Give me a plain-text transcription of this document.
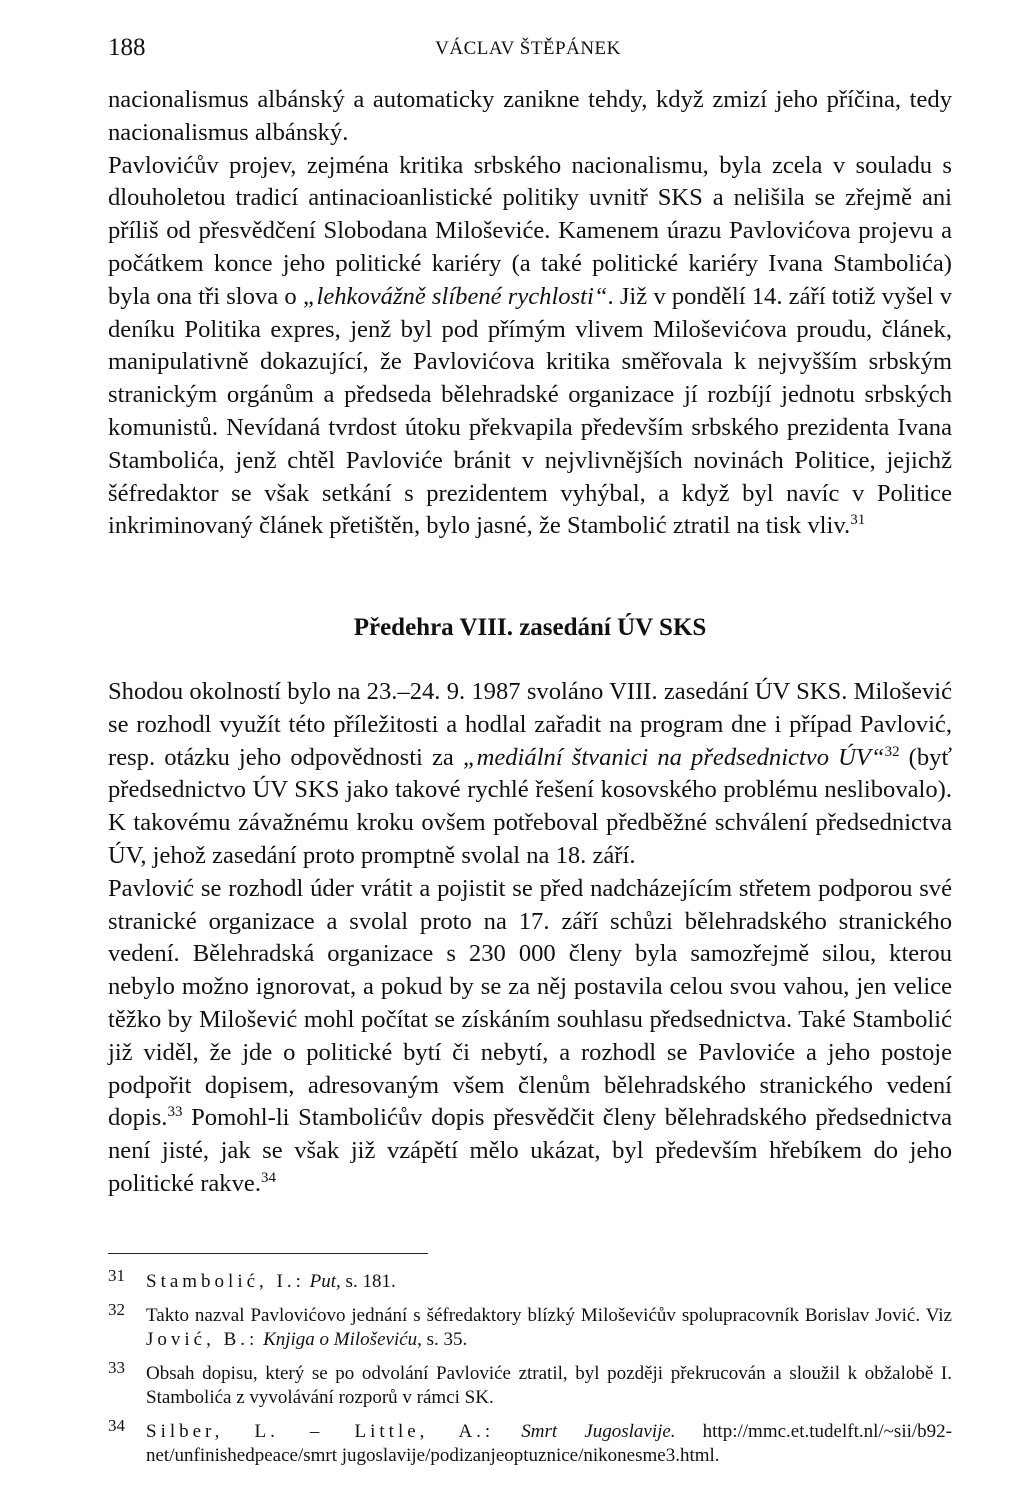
188	VÁCLAV ŠTĚPÁNEK

nacionalismus albánský a automaticky zanikne tehdy, když zmizí jeho příčina, tedy nacionalismus albánský.

Pavlovićův projev, zejména kritika srbského nacionalismu, byla zcela v souladu s dlouholetou tradicí antinacioanlistické politiky uvnitř SKS a nelišila se zřejmě ani příliš od přesvědčení Slobodana Miloševiće. Kamenem úrazu Pavlovićova projevu a počátkem konce jeho politické kariéry (a také politické kariéry Ivana Stambolića) byla ona tři slova o „lehkovážně slíbené rychlosti“. Již v pondělí 14. září totiž vyšel v deníku Politika expres, jenž byl pod přímým vlivem Miloševićova proudu, článek, manipulativně dokazující, že Pavlovićova kritika směřovala k nejvyšším srbským stranickým orgánům a předseda bělehradské organizace jí rozbíjí jednotu srbských komunistů. Nevídaná tvrdost útoku překvapila především srbského prezidenta Ivana Stambolića, jenž chtěl Pavloviće bránit v nejvlivnějších novinách Politice, jejichž šéfredaktor se však setkání s prezidentem vyhýbal, a když byl navíc v Politice inkriminovaný článek přetištěn, bylo jasné, že Stambolić ztratil na tisk vliv.$^{31}$

Předehra VIII. zasedání ÚV SKS

Shodou okolností bylo na 23.–24. 9. 1987 svoláno VIII. zasedání ÚV SKS. Milošević se rozhodl využít této příležitosti a hodlal zařadit na program dne i případ Pavlović, resp. otázku jeho odpovědnosti za „mediální štvanici na předsednictvo ÚV“$^{32}$ (byť předsednictvo ÚV SKS jako takové rychlé řešení kosovského problému neslibovalo). K takovému závažnému kroku ovšem potřeboval předběžné schválení předsednictva ÚV, jehož zasedání proto promptně svolal na 18. září.

Pavlović se rozhodl úder vrátit a pojistit se před nadcházejícím střetem podporou své stranické organizace a svolal proto na 17. září schůzi bělehradského stranického vedení. Bělehradská organizace s 230 000 členy byla samozřejmě silou, kterou nebylo možno ignorovat, a pokud by se za něj postavila celou svou vahou, jen velice těžko by Milošević mohl počítat se získáním souhlasu předsednictva. Také Stambolić již viděl, že jde o politické bytí či nebytí, a rozhodl se Pavloviće a jeho postoje podpořit dopisem, adresovaným všem členům bělehradského stranického vedení dopis.$^{33}$ Pomohl-li Stambolićův dopis přesvědčit členy bělehradského předsednictva není jisté, jak se však již vzápětí mělo ukázat, byl především hřebíkem do jeho politické rakve.$^{34}$

31 Stambolić, I.: Put, s. 181.
32 Takto nazval Pavlovićovo jednání s šéfredaktory blízký Miloševićův spolupracovník Borislav Jović. Viz Jović, B.: Knjiga o Miloševiću, s. 35.
33 Obsah dopisu, který se po odvolání Pavloviće ztratil, byl později překrucován a sloužil k obžalobě I. Stambolića z vyvolávání rozporů v rámci SK.
34 Silber, L. – Little, A.: Smrt Jugoslavije. http://mmc.et.tudelft.nl/~sii/b92-net/unfinishedpeace/smrt jugoslavije/podizanjeoptuznice/nikonesme3.html.
